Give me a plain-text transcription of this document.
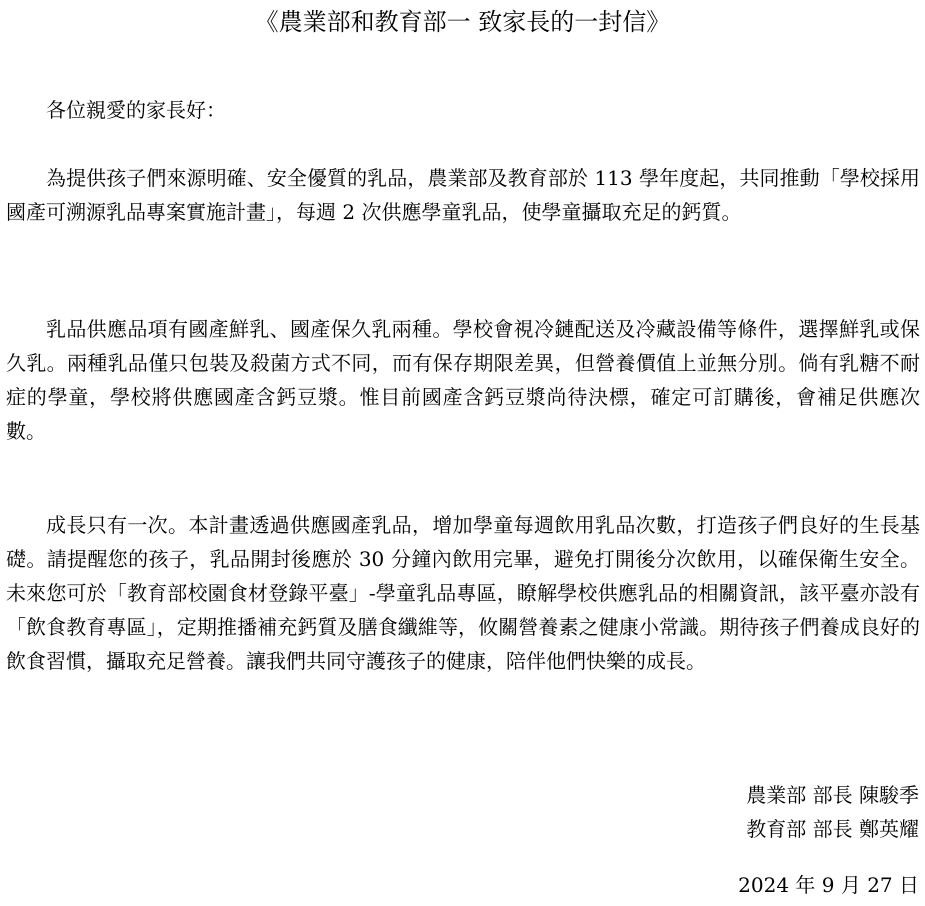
《農業部和教育部一 致家長的一封信》

各位親愛的家長好：

為提供孩子們來源明確、安全優質的乳品，農業部及教育部於 113 學年度起，共同推動「學校採用國產可溯源乳品專案實施計畫」，每週 2 次供應學童乳品，使學童攝取充足的鈣質。

乳品供應品項有國產鮮乳、國產保久乳兩種。學校會視冷鏈配送及冷藏設備等條件，選擇鮮乳或保久乳。兩種乳品僅只包裝及殺菌方式不同，而有保存期限差異，但營養價值上並無分別。倘有乳糖不耐症的學童，學校將供應國產含鈣豆漿。惟目前國產含鈣豆漿尚待決標，確定可訂購後，會補足供應次數。

成長只有一次。本計畫透過供應國產乳品，增加學童每週飲用乳品次數，打造孩子們良好的生長基礎。請提醒您的孩子，乳品開封後應於 30 分鐘內飲用完畢，避免打開後分次飲用，以確保衛生安全。未來您可於「教育部校園食材登錄平臺」-學童乳品專區，瞭解學校供應乳品的相關資訊，該平臺亦設有「飲食教育專區」，定期推播補充鈣質及膳食纖維等，攸關營養素之健康小常識。期待孩子們養成良好的飲食習慣，攝取充足營養。讓我們共同守護孩子的健康，陪伴他們快樂的成長。

農業部 部長 陳駿季
教育部 部長 鄭英耀
2024 年 9 月 27 日
